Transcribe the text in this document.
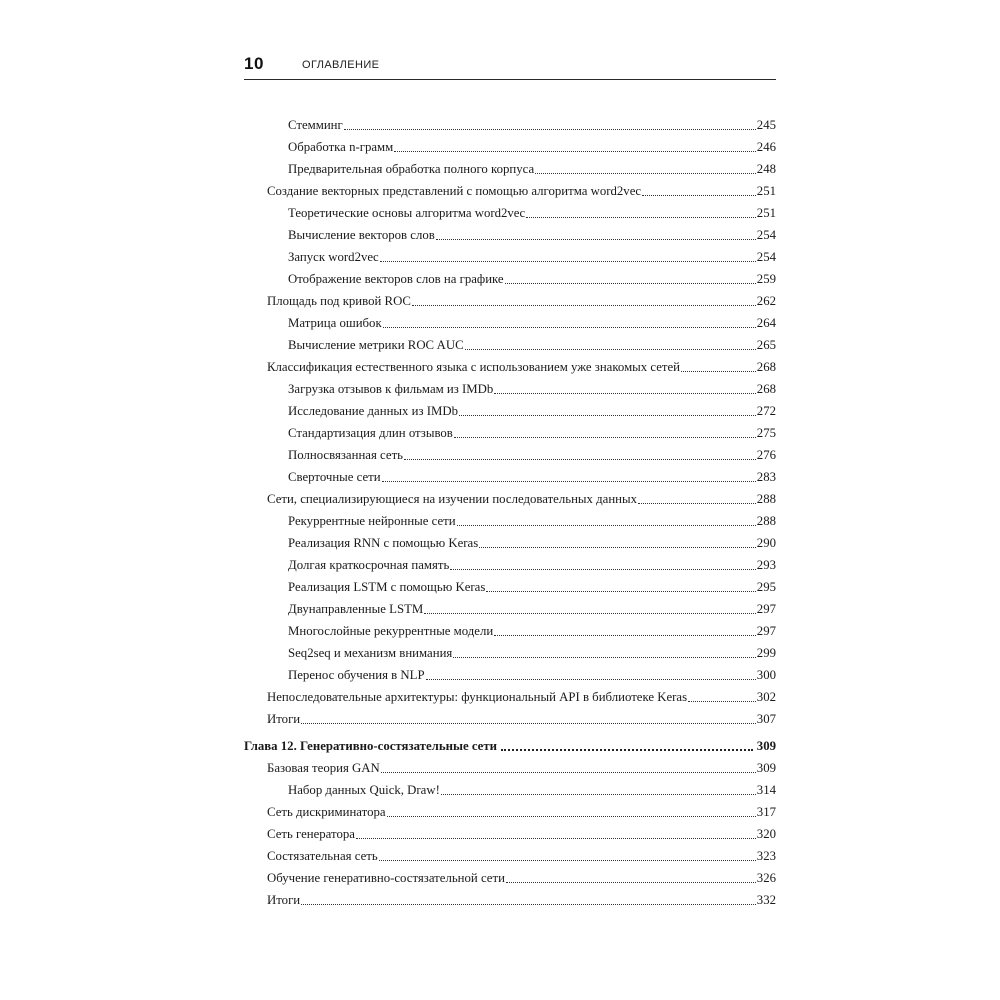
10	ОГЛАВЛЕНИЕ
Стемминг	245
Обработка n-грамм	246
Предварительная обработка полного корпуса	248
Создание векторных представлений с помощью алгоритма word2vec	251
Теоретические основы алгоритма word2vec	251
Вычисление векторов слов	254
Запуск word2vec	254
Отображение векторов слов на графике	259
Площадь под кривой ROC	262
Матрица ошибок	264
Вычисление метрики ROC AUC	265
Классификация естественного языка с использованием уже знакомых сетей	268
Загрузка отзывов к фильмам из IMDb	268
Исследование данных из IMDb	272
Стандартизация длин отзывов	275
Полносвязанная сеть	276
Сверточные сети	283
Сети, специализирующиеся на изучении последовательных данных	288
Рекуррентные нейронные сети	288
Реализация RNN с помощью Keras	290
Долгая краткосрочная память	293
Реализация LSTM с помощью Keras	295
Двунаправленные LSTM	297
Многослойные рекуррентные модели	297
Seq2seq и механизм внимания	299
Перенос обучения в NLP	300
Непоследовательные архитектуры: функциональный API в библиотеке Keras	302
Итоги	307
Глава 12. Генеративно-состязательные сети	309
Базовая теория GAN	309
Набор данных Quick, Draw!	314
Сеть дискриминатора	317
Сеть генератора	320
Состязательная сеть	323
Обучение генеративно-состязательной сети	326
Итоги	332
